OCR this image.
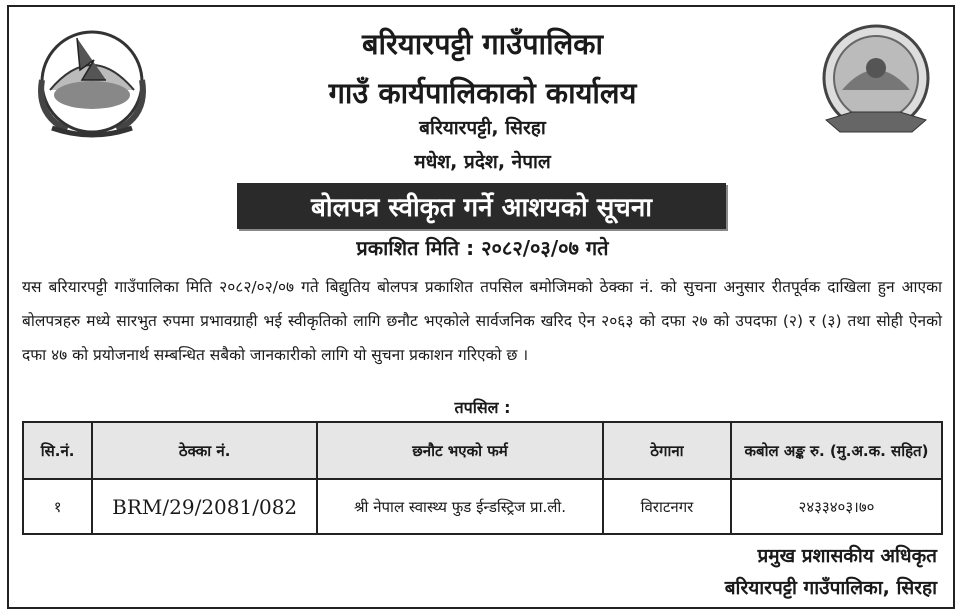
बरियारपट्टी गाउँपालिका
गाउँ कार्यपालिकाको कार्यालय
बरियारपट्टी, सिरहा
मधेश, प्रदेश, नेपाल
बोलपत्र स्वीकृत गर्ने आशयको सूचना
प्रकाशित मिति : २०८२/०३/०७ गते
यस बरियारपट्टी गाउँपालिका मिति २०८२/०२/०७ गते बिद्युतिय बोलपत्र प्रकाशित तपसिल बमोजिमको ठेक्का नं. को सुचना अनुसार रीतपूर्वक दाखिला हुन आएका बोलपत्रहरु मध्ये सारभुत रुपमा प्रभावग्राही भई स्वीकृतिको लागि छनौट भएकोले सार्वजनिक खरिद ऐन २०६३ को दफा २७ को उपदफा (२) र (३) तथा सोही ऐनको दफा ४७ को प्रयोजनार्थ सम्बन्धित सबैको जानकारीको लागि यो सुचना प्रकाशन गरिएको छ ।
तपसिल :
सि.नं.	ठेक्का नं.	छनौट भएको फर्म	ठेगाना	कबोल अङ्क रु. (मु.अ.क. सहित)
१	BRM/29/2081/082	श्री नेपाल स्वास्थ्य फुड ईन्डस्ट्रिज प्रा.ली.	विराटनगर	२४३३४०३।७०
प्रमुख प्रशासकीय अधिकृत
बरियारपट्टी गाउँपालिका, सिरहा
